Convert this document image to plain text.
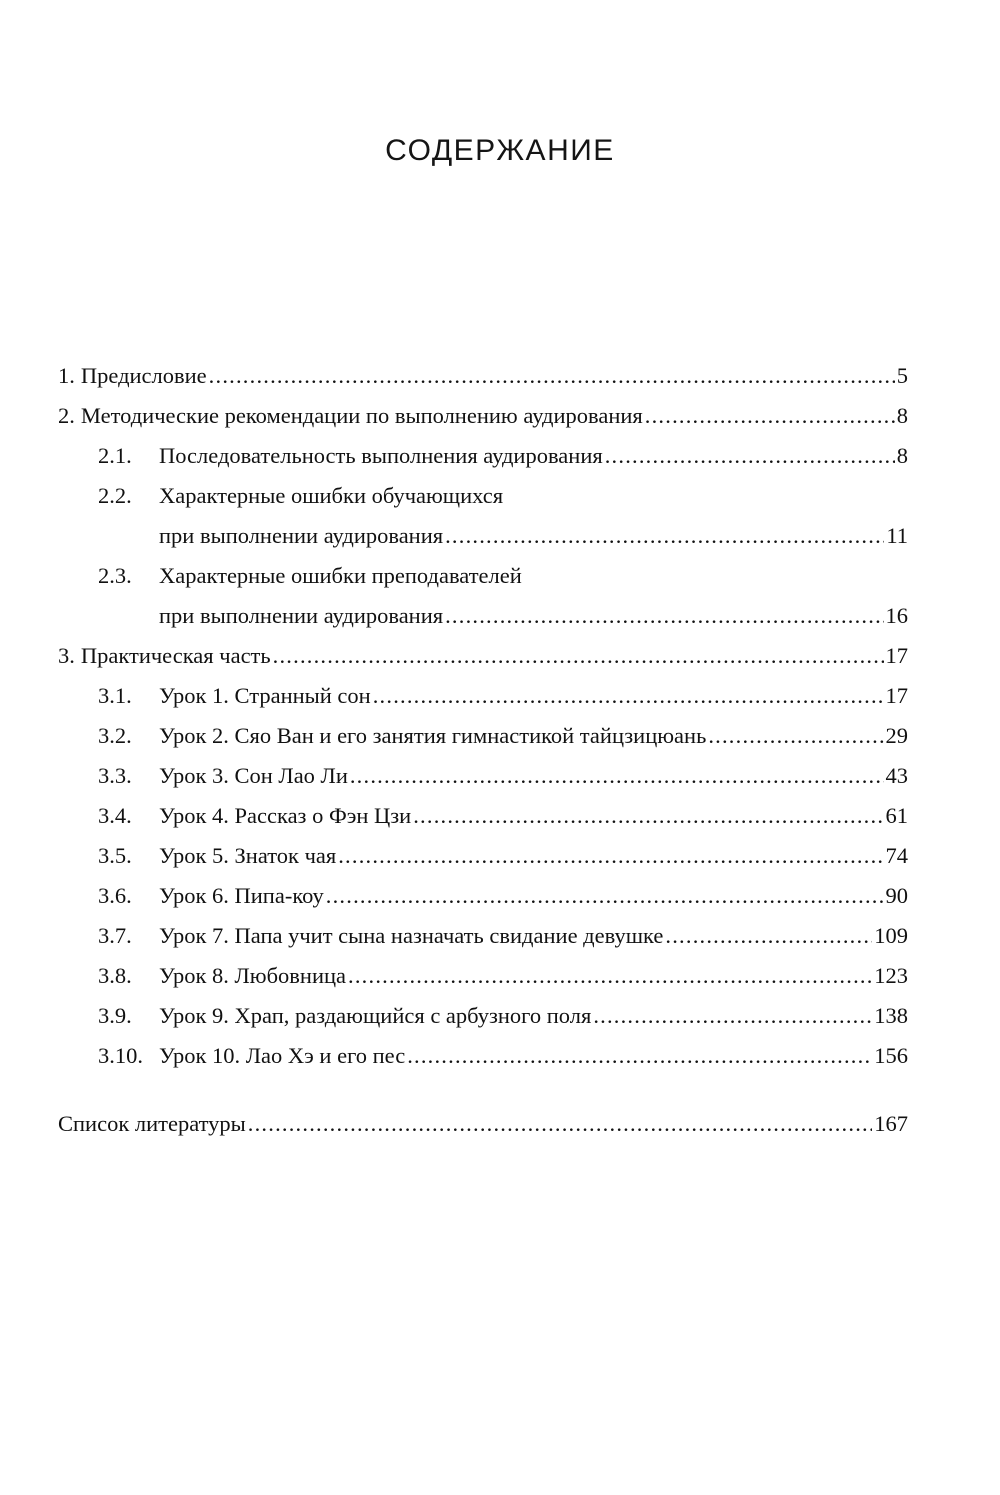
СОДЕРЖАНИЕ
1. Предисловие .....	5
2. Методические рекомендации по выполнению аудирования .....	8
2.1.	Последовательность выполнения аудирования .....	8
2.2.	Характерные ошибки обучающихся
при выполнении аудирования .....	11
2.3.	Характерные ошибки преподавателей
при выполнении аудирования .....	16
3. Практическая часть .....	17
3.1.	Урок 1. Странный сон .....	17
3.2.	Урок 2. Сяо Ван и его занятия гимнастикой тайцзицюань .....	29
3.3.	Урок 3. Сон Лао Ли .....	43
3.4.	Урок 4. Рассказ о Фэн Цзи .....	61
3.5.	Урок 5. Знаток чая .....	74
3.6.	Урок 6. Пипа-коу .....	90
3.7.	Урок 7. Папа учит сына назначать свидание девушке .....	109
3.8.	Урок 8. Любовница .....	123
3.9.	Урок 9. Храп, раздающийся с арбузного поля .....	138
3.10. Урок 10. Лао Хэ и его пес .....	156
Список литературы .....	167
